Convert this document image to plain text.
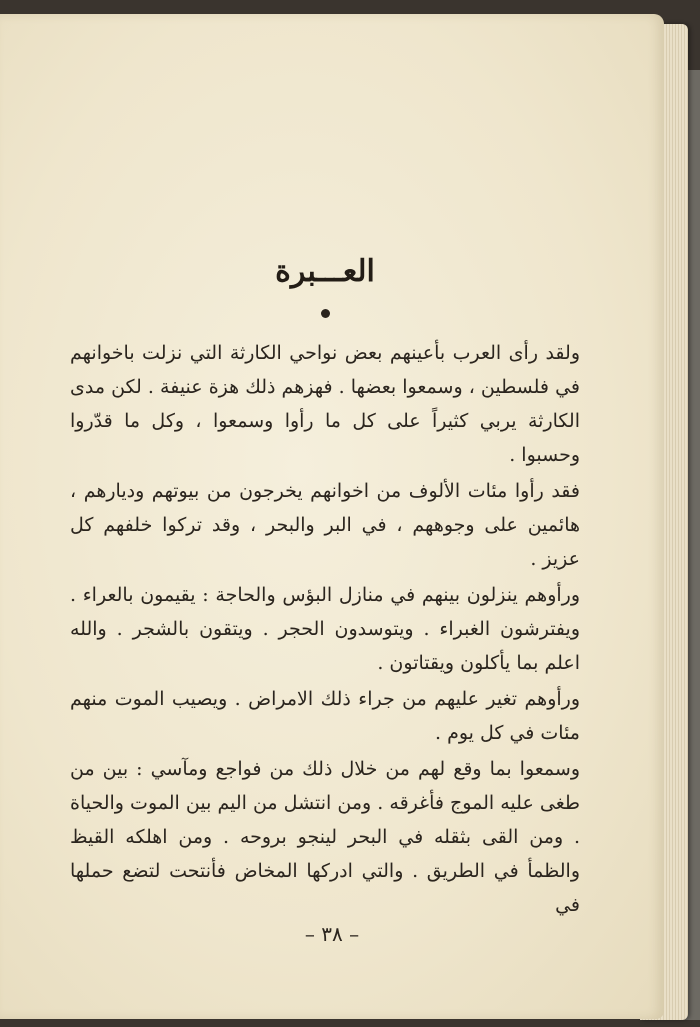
العـــبرة

ولقد رأى العرب بأعينهم بعض نواحي الكارثة التي نزلت باخوانهم في فلسطين ، وسمعوا بعضها . فهزهم ذلك هزة عنيفة . لكن مدى الكارثة يربي كثيراً على كل ما رأوا وسمعوا ، وكل ما قدّروا وحسبوا .

فقد رأوا مئات الألوف من اخوانهم يخرجون من بيوتهم وديارهم ، هائمين على وجوههم ، في البر والبحر ، وقد تركوا خلفهم كل عزيز .

ورأوهم ينزلون بينهم في منازل البؤس والحاجة : يقيمون بالعراء . ويفترشون الغبراء . ويتوسدون الحجر . ويتقون بالشجر . والله اعلم بما يأكلون ويقتاتون .

ورأوهم تغير عليهم من جراء ذلك الامراض . ويصيب الموت منهم مئات في كل يوم .

وسمعوا بما وقع لهم من خلال ذلك من فواجع ومآسي : بين من طغى عليه الموج فأغرقه . ومن انتشل من اليم بين الموت والحياة . ومن القى بثقله في البحر لينجو بروحه . ومن اهلكه القيظ والظمأ في الطريق . والتي ادركها المخاض فأنتحت لتضع حملها في

– ٣٨ –
